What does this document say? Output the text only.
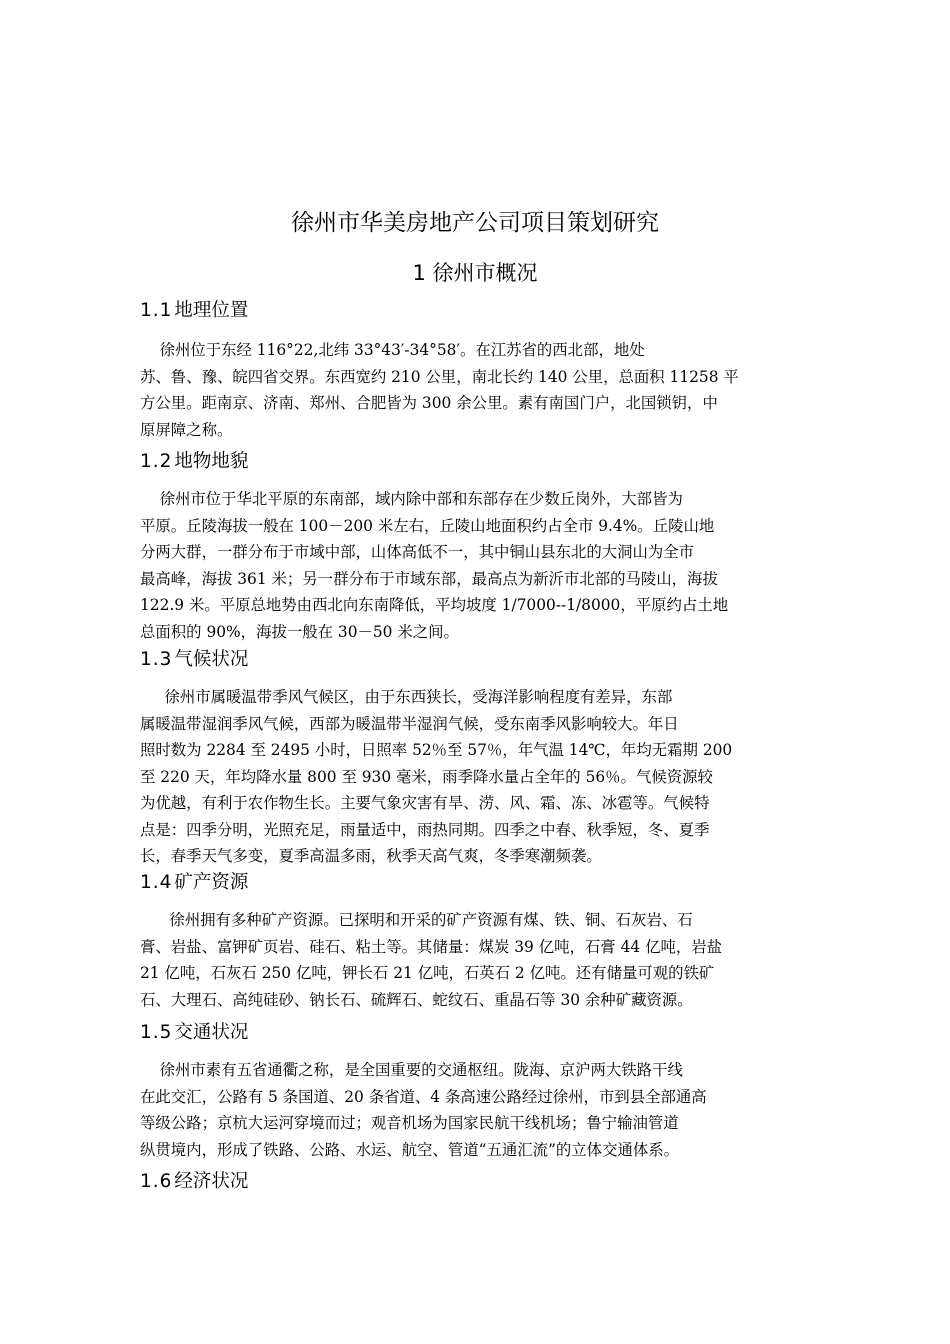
徐州市华美房地产公司项目策划研究
1 徐州市概况
1.1 地理位置
徐州位于东经 116°22,北纬 33°43′-34°58′。在江苏省的西北部，地处
苏、鲁、豫、皖四省交界。东西宽约 210 公里，南北长约 140 公里，总面积 11258 平
方公里。距南京、济南、郑州、合肥皆为 300 余公里。素有南国门户，北国锁钥，中
原屏障之称。
1.2 地物地貌
徐州市位于华北平原的东南部，域内除中部和东部存在少数丘岗外，大部皆为
平原。丘陵海拔一般在 100－200 米左右，丘陵山地面积约占全市 9.4%。丘陵山地
分两大群，一群分布于市域中部，山体高低不一，其中铜山县东北的大洞山为全市
最高峰，海拔 361 米；另一群分布于市域东部，最高点为新沂市北部的马陵山，海拔
122.9 米。平原总地势由西北向东南降低，平均坡度 1/7000--1/8000，平原约占土地
总面积的 90%，海拔一般在 30－50 米之间。
1.3 气候状况
徐州市属暖温带季风气候区，由于东西狭长，受海洋影响程度有差异，东部
属暖温带湿润季风气候，西部为暖温带半湿润气候，受东南季风影响较大。年日
照时数为 2284 至 2495 小时，日照率 52％至 57％，年气温 14℃，年均无霜期 200
至 220 天，年均降水量 800 至 930 毫米，雨季降水量占全年的 56％。气候资源较
为优越，有利于农作物生长。主要气象灾害有旱、涝、风、霜、冻、冰雹等。气候特
点是：四季分明，光照充足，雨量适中，雨热同期。四季之中春、秋季短，冬、夏季
长，春季天气多变，夏季高温多雨，秋季天高气爽，冬季寒潮频袭。
1.4 矿产资源
徐州拥有多种矿产资源。已探明和开采的矿产资源有煤、铁、铜、石灰岩、石
膏、岩盐、富钾矿页岩、硅石、粘土等。其储量：煤炭 39 亿吨，石膏 44 亿吨，岩盐
21 亿吨，石灰石 250 亿吨，钾长石 21 亿吨，石英石 2 亿吨。还有储量可观的铁矿
石、大理石、高纯硅砂、钠长石、硫辉石、蛇纹石、重晶石等 30 余种矿藏资源。
1.5 交通状况
徐州市素有五省通衢之称，是全国重要的交通枢纽。陇海、京沪两大铁路干线
在此交汇，公路有 5 条国道、20 条省道、4 条高速公路经过徐州，市到县全部通高
等级公路；京杭大运河穿境而过；观音机场为国家民航干线机场；鲁宁输油管道
纵贯境内，形成了铁路、公路、水运、航空、管道“五通汇流”的立体交通体系。
1.6 经济状况
